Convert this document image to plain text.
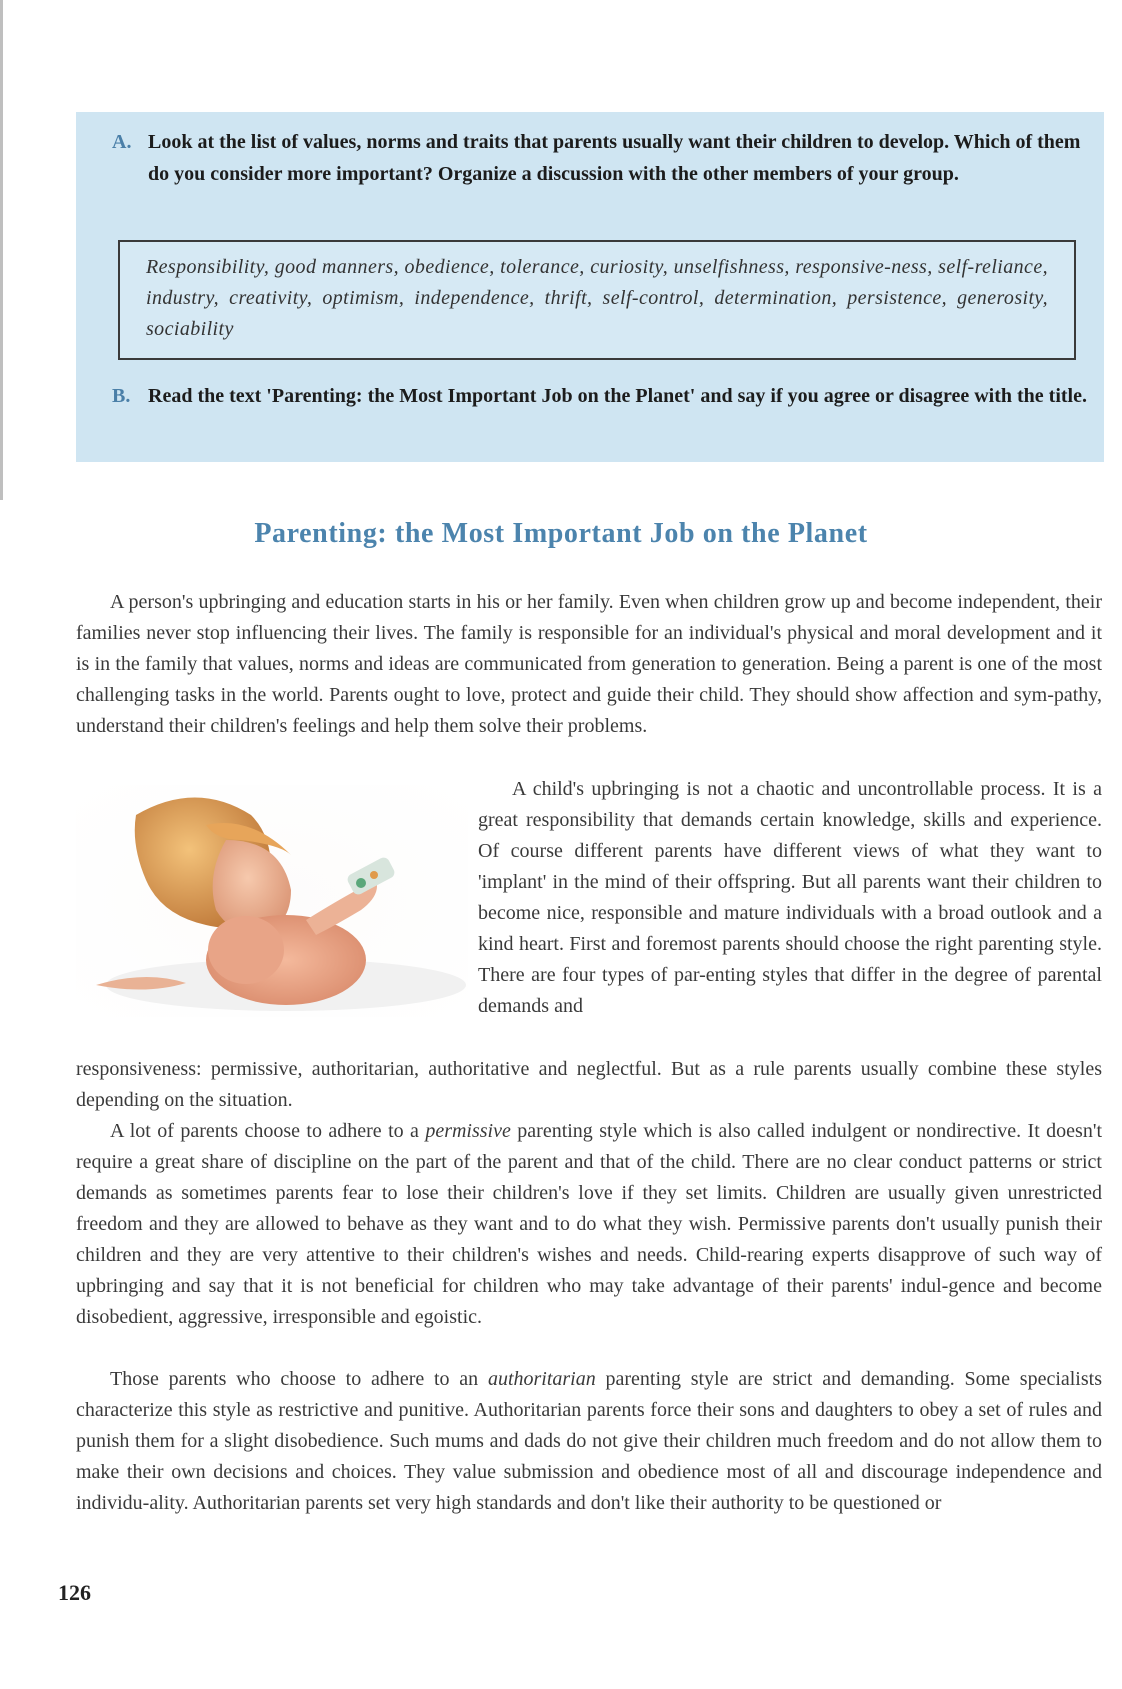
A. Look at the list of values, norms and traits that parents usually want their children to develop. Which of them do you consider more important? Organize a discussion with the other members of your group.
Responsibility, good manners, obedience, tolerance, curiosity, unselfishness, responsive-ness, self-reliance, industry, creativity, optimism, independence, thrift, self-control, determination, persistence, generosity, sociability
B. Read the text 'Parenting: the Most Important Job on the Planet' and say if you agree or disagree with the title.
Parenting: the Most Important Job on the Planet

A person's upbringing and education starts in his or her family. Even when children grow up and become independent, their families never stop influencing their lives. The family is responsible for an individual's physical and moral development and it is in the family that values, norms and ideas are communicated from generation to generation. Being a parent is one of the most challenging tasks in the world. Parents ought to love, protect and guide their child. They should show affection and sym-pathy, understand their children's feelings and help them solve their problems.

A child's upbringing is not a chaotic and uncontrollable process. It is a great responsibility that demands certain knowledge, skills and experience. Of course different parents have different views of what they want to 'implant' in the mind of their offspring. But all parents want their children to become nice, responsible and mature individuals with a broad outlook and a kind heart. First and foremost parents should choose the right parenting style. There are four types of par-enting styles that differ in the degree of parental demands and

responsiveness: permissive, authoritarian, authoritative and neglectful. But as a rule parents usually combine these styles depending on the situation.

A lot of parents choose to adhere to a permissive parenting style which is also called indulgent or nondirective. It doesn't require a great share of discipline on the part of the parent and that of the child. There are no clear conduct patterns or strict demands as sometimes parents fear to lose their children's love if they set limits. Children are usually given unrestricted freedom and they are allowed to behave as they want and to do what they wish. Permissive parents don't usually punish their children and they are very attentive to their children's wishes and needs. Child-rearing experts disapprove of such way of upbringing and say that it is not beneficial for children who may take advantage of their parents' indul-gence and become disobedient, aggressive, irresponsible and egoistic.

Those parents who choose to adhere to an authoritarian parenting style are strict and demanding. Some specialists characterize this style as restrictive and punitive. Authoritarian parents force their sons and daughters to obey a set of rules and punish them for a slight disobedience. Such mums and dads do not give their children much freedom and do not allow them to make their own decisions and choices. They value submission and obedience most of all and discourage independence and individu-ality. Authoritarian parents set very high standards and don't like their authority to be questioned or

126
